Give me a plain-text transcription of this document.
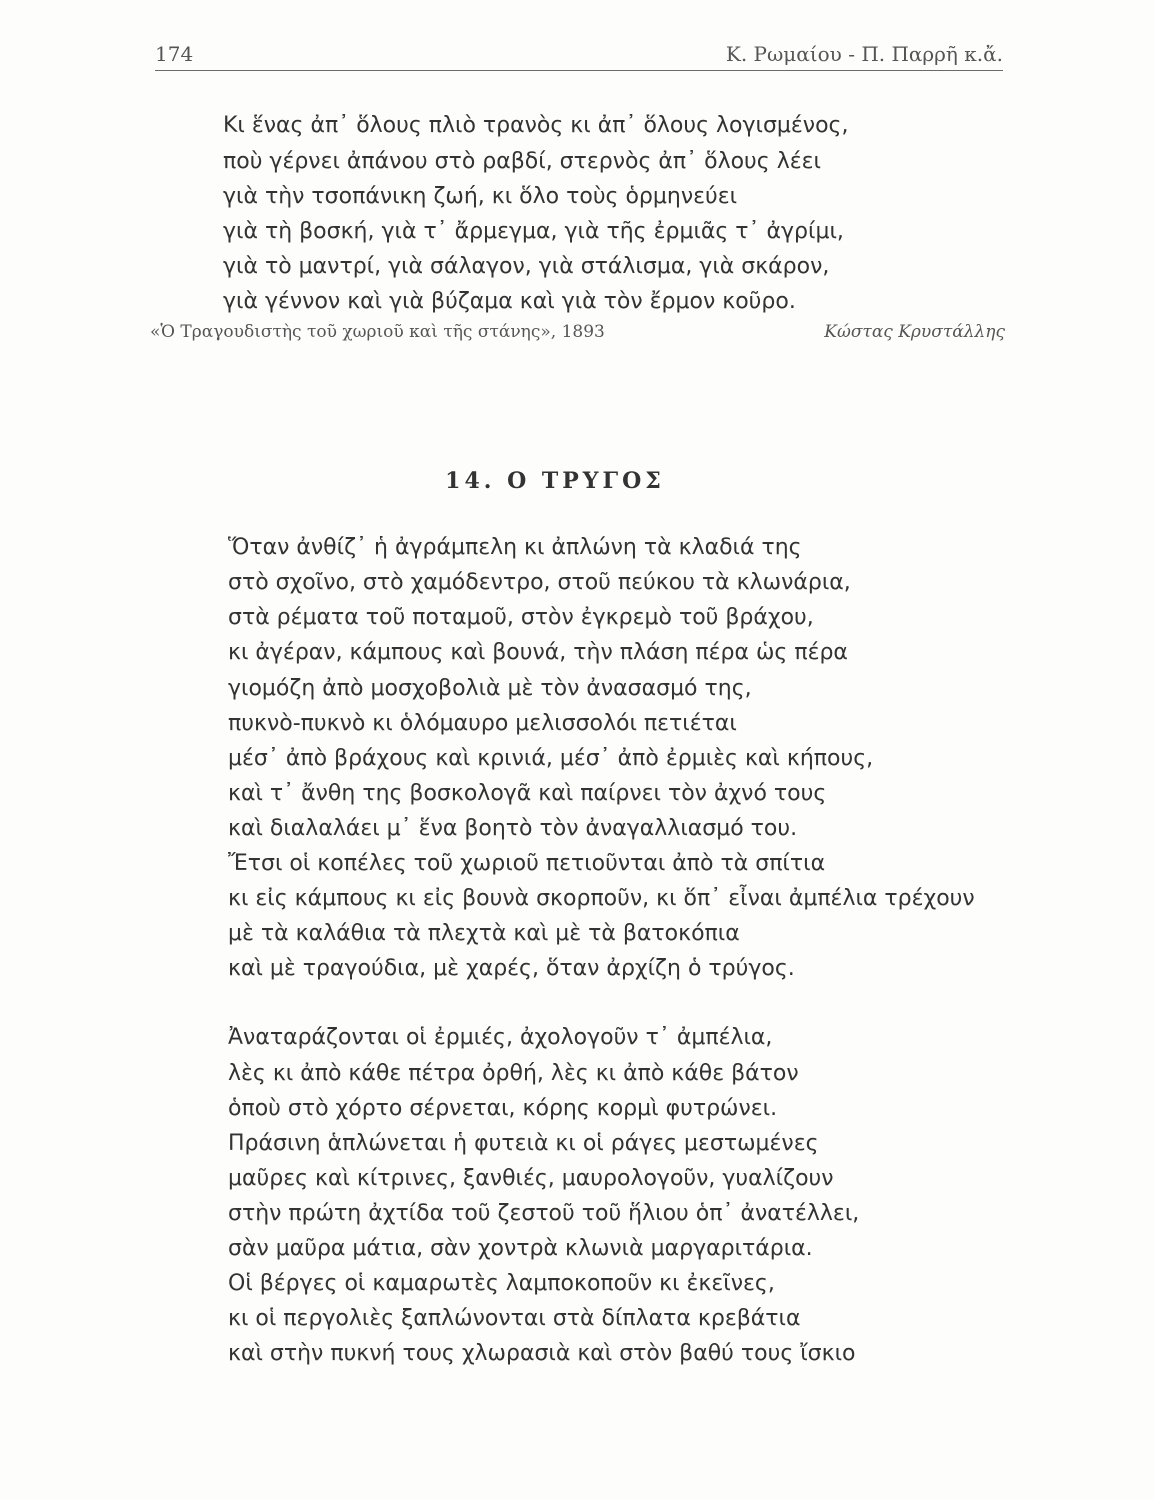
174	Κ. Ρωμαίου - Π. Παρρῆ κ.ἄ.
Κι ἕνας ἀπ᾽ ὅλους πλιὸ τρανὸς κι ἀπ᾽ ὅλους λογισμένος,
ποὺ γέρνει ἀπάνου στὸ ραβδί, στερνὸς ἀπ᾽ ὅλους λέει
γιὰ τὴν τσοπάνικη ζωή, κι ὅλο τοὺς ὁρμηνεύει
γιὰ τὴ βοσκή, γιὰ τ᾽ ἄρμεγμα, γιὰ τῆς ἐρμιᾶς τ᾽ ἀγρίμι,
γιὰ τὸ μαντρί, γιὰ σάλαγον, γιὰ στάλισμα, γιὰ σκάρον,
γιὰ γέννον καὶ γιὰ βύζαμα καὶ γιὰ τὸν ἔρμον κοῦρο.
«Ὁ Τραγουδιστὴς τοῦ χωριοῦ καὶ τῆς στάνης», 1893	Κώστας Κρυστάλλης
14. Ο ΤΡΥΓΟΣ
Ὅταν ἀνθίζ᾽ ἡ ἀγράμπελη κι ἀπλώνη τὰ κλαδιά της
στὸ σχοῖνο, στὸ χαμόδεντρο, στοῦ πεύκου τὰ κλωνάρια,
στὰ ρέματα τοῦ ποταμοῦ, στὸν ἐγκρεμὸ τοῦ βράχου,
κι ἀγέραν, κάμπους καὶ βουνά, τὴν πλάση πέρα ὡς πέρα
γιομόζη ἀπὸ μοσχοβολιὰ μὲ τὸν ἀνασασμό της,
πυκνὸ-πυκνὸ κι ὁλόμαυρο μελισσολόι πετιέται
μέσ᾽ ἀπὸ βράχους καὶ κρινιά, μέσ᾽ ἀπὸ ἐρμιὲς καὶ κήπους,
καὶ τ᾽ ἄνθη της βοσκολογᾶ καὶ παίρνει τὸν ἀχνό τους
καὶ διαλαλάει μ᾽ ἕνα βοητὸ τὸν ἀναγαλλιασμό του.
Ἔτσι οἱ κοπέλες τοῦ χωριοῦ πετιοῦνται ἀπὸ τὰ σπίτια
κι εἰς κάμπους κι εἰς βουνὰ σκορποῦν, κι ὅπ᾽ εἶναι ἀμπέλια τρέχουν
μὲ τὰ καλάθια τὰ πλεχτὰ καὶ μὲ τὰ βατοκόπια
καὶ μὲ τραγούδια, μὲ χαρές, ὅταν ἀρχίζη ὁ τρύγος.
Ἀναταράζονται οἱ ἐρμιές, ἀχολογοῦν τ᾽ ἀμπέλια,
λὲς κι ἀπὸ κάθε πέτρα ὀρθή, λὲς κι ἀπὸ κάθε βάτον
ὁποὺ στὸ χόρτο σέρνεται, κόρης κορμὶ φυτρώνει.
Πράσινη ἁπλώνεται ἡ φυτειὰ κι οἱ ράγες μεστωμένες
μαῦρες καὶ κίτρινες, ξανθιές, μαυρολογοῦν, γυαλίζουν
στὴν πρώτη ἀχτίδα τοῦ ζεστοῦ τοῦ ἥλιου ὁπ᾽ ἀνατέλλει,
σὰν μαῦρα μάτια, σὰν χοντρὰ κλωνιὰ μαργαριτάρια.
Οἱ βέργες οἱ καμαρωτὲς λαμποκοποῦν κι ἐκεῖνες,
κι οἱ περγολιὲς ξαπλώνονται στὰ δίπλατα κρεβάτια
καὶ στὴν πυκνή τους χλωρασιὰ καὶ στὸν βαθύ τους ἴσκιο
